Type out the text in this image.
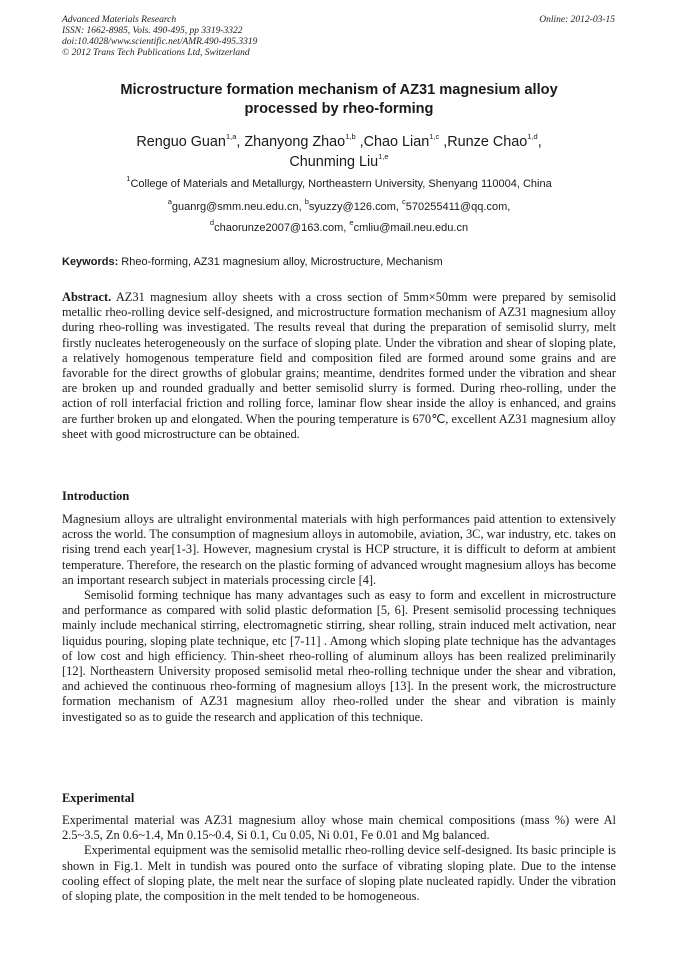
Advanced Materials Research
ISSN: 1662-8985, Vols. 490-495, pp 3319-3322
doi:10.4028/www.scientific.net/AMR.490-495.3319
© 2012 Trans Tech Publications Ltd, Switzerland
Online: 2012-03-15
Microstructure formation mechanism of AZ31 magnesium alloy
processed by rheo-forming
Renguo Guan$^{1,a}$, Zhanyong Zhao$^{1,b}$ ,Chao Lian$^{1,c}$ ,Runze Chao$^{1,d}$,
Chunming Liu$^{1,e}$
$^1$College of Materials and Metallurgy, Northeastern University, Shenyang 110004, China
$^a$guanrg@smm.neu.edu.cn, $^b$syuzzy@126.com, $^c$570255411@qq.com,
$^d$chaorunze2007@163.com, $^e$cmliu@mail.neu.edu.cn
Keywords: Rheo-forming, AZ31 magnesium alloy, Microstructure, Mechanism

Abstract. AZ31 magnesium alloy sheets with a cross section of 5mm×50mm were prepared by semisolid metallic rheo-rolling device self-designed, and microstructure formation mechanism of AZ31 magnesium alloy during rheo-rolling was investigated. The results reveal that during the preparation of semisolid slurry, melt firstly nucleates heterogeneously on the surface of sloping plate. Under the vibration and shear of sloping plate, a relatively homogenous temperature field and composition filed are formed around some grains and are favorable for the direct growths of globular grains; meantime, dendrites formed under the vibration and shear are broken up and rounded gradually and better semisolid slurry is formed. During rheo-rolling, under the action of roll interfacial friction and rolling force, laminar flow shear inside the alloy is enhanced, and grains are further broken up and elongated. When the pouring temperature is 670℃, excellent AZ31 magnesium alloy sheet with good microstructure can be obtained.

Introduction

Magnesium alloys are ultralight environmental materials with high performances paid attention to extensively across the world. The consumption of magnesium alloys in automobile, aviation, 3C, war industry, etc. takes on rising trend each year[1-3]. However, magnesium crystal is HCP structure, it is difficult to deform at ambient temperature. Therefore, the research on the plastic forming of advanced wrought magnesium alloys has become an important research subject in materials processing circle [4].

Semisolid forming technique has many advantages such as easy to form and excellent in microstructure and performance as compared with solid plastic deformation [5, 6]. Present semisolid processing techniques mainly include mechanical stirring, electromagnetic stirring, shear rolling, strain induced melt activation, near liquidus pouring, sloping plate technique, etc [7-11] . Among which sloping plate technique has the advantages of low cost and high efficiency. Thin-sheet rheo-rolling of aluminum alloys has been realized preliminarily [12]. Northeastern University proposed semisolid metal rheo-rolling technique under the shear and vibration, and achieved the continuous rheo-forming of magnesium alloys [13]. In the present work, the microstructure formation mechanism of AZ31 magnesium alloy rheo-rolled under the shear and vibration is mainly investigated so as to guide the research and application of this technique.

Experimental

Experimental material was AZ31 magnesium alloy whose main chemical compositions (mass %) were Al 2.5~3.5, Zn 0.6~1.4, Mn 0.15~0.4, Si 0.1, Cu 0.05, Ni 0.01, Fe 0.01 and Mg balanced.

Experimental equipment was the semisolid metallic rheo-rolling device self-designed. Its basic principle is shown in Fig.1. Melt in tundish was poured onto the surface of vibrating sloping plate. Due to the intense cooling effect of sloping plate, the melt near the surface of sloping plate nucleated rapidly. Under the vibration of sloping plate, the composition in the melt tended to be homogeneous.
